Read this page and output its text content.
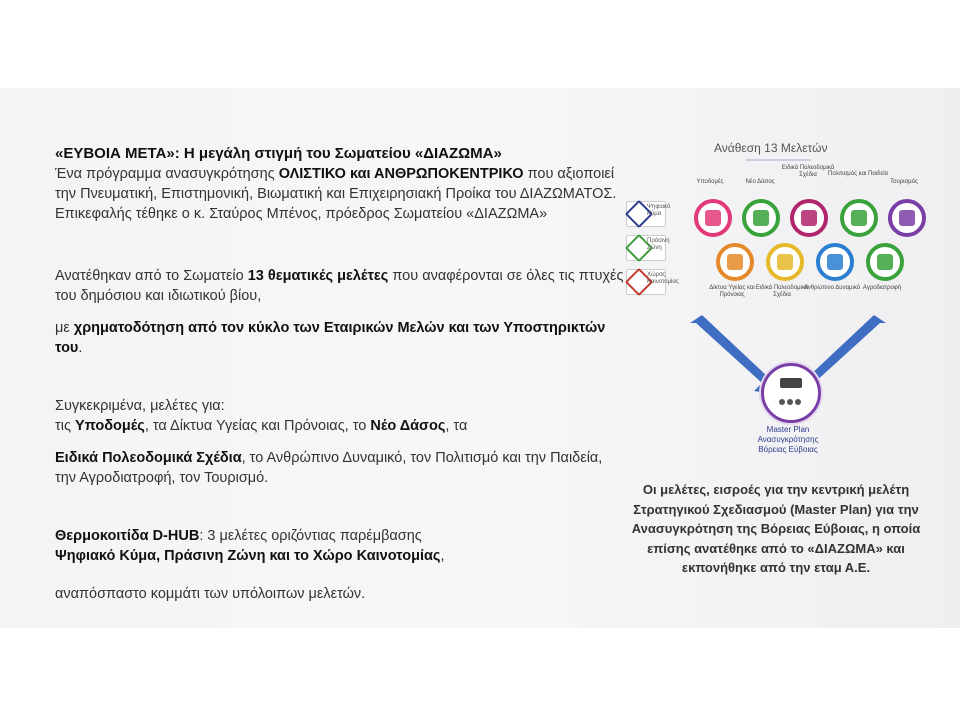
«ΕΥΒΟΙΑ ΜΕΤΑ»: Η μεγάλη στιγμή του Σωματείου «ΔΙΑΖΩΜΑ»

Ένα πρόγραμμα ανασυγκρότησης ΟΛΙΣΤΙΚΟ και ΑΝΘΡΩΠΟΚΕΝΤΡΙΚΟ που αξιοποιεί την Πνευματική, Επιστημονική, Βιωματική και Επιχειρησιακή Προίκα του ΔΙΑΖΩΜΑΤΟΣ. Επικεφαλής τέθηκε ο κ. Σταύρος Μπένος, πρόεδρος Σωματείου «ΔΙΑΖΩΜΑ»

Ανατέθηκαν από το Σωματείο 13 θεματικές μελέτες που αναφέρονται σε όλες τις πτυχές του δημόσιου και ιδιωτικού βίου,

με χρηματοδότηση από τον κύκλο των Εταιρικών Μελών και των Υποστηρικτών του.

Συγκεκριμένα, μελέτες για:

τις Υποδομές, τα Δίκτυα Υγείας και Πρόνοιας, το Νέο Δάσος, τα

Ειδικά Πολεοδομικά Σχέδια, το Ανθρώπινο Δυναμικό, τον Πολιτισμό και την Παιδεία, την Αγροδιατροφή, τον Τουρισμό.

Θερμοκοιτίδα D-HUB: 3 μελέτες οριζόντιας παρέμβασης

Ψηφιακό Κύμα, Πράσινη Ζώνη και το Χώρο Καινοτομίας,

αναπόσπαστο κομμάτι των υπόλοιπων μελετών.

Ανάθεση 13 Μελετών
Ψηφιακό Κύμα
Πράσινη Ζώνη
Χώρος Καινοτομίας
Υποδομές	Νέο Δάσος
Ειδικά Πολεοδομικά Σχέδια	Πολιτισμός και Παιδεία
Τουρισμός
Δίκτυα Υγείας και Πρόνοιας
Ειδικά Πολεοδομικά Σχέδια
Ανθρώπινο Δυναμικό Αγροδιατροφή
Master Plan
Ανασυγκρότησης
Βόρειας Εύβοιας
Οι μελέτες, εισροές για την κεντρική μελέτη Στρατηγικού Σχεδιασμού (Master Plan) για την Ανασυγκρότηση της Βόρειας Εύβοιας, η οποία επίσης ανατέθηκε από το «ΔΙΑΖΩΜΑ» και εκπονήθηκε από την εταμ Α.Ε.
